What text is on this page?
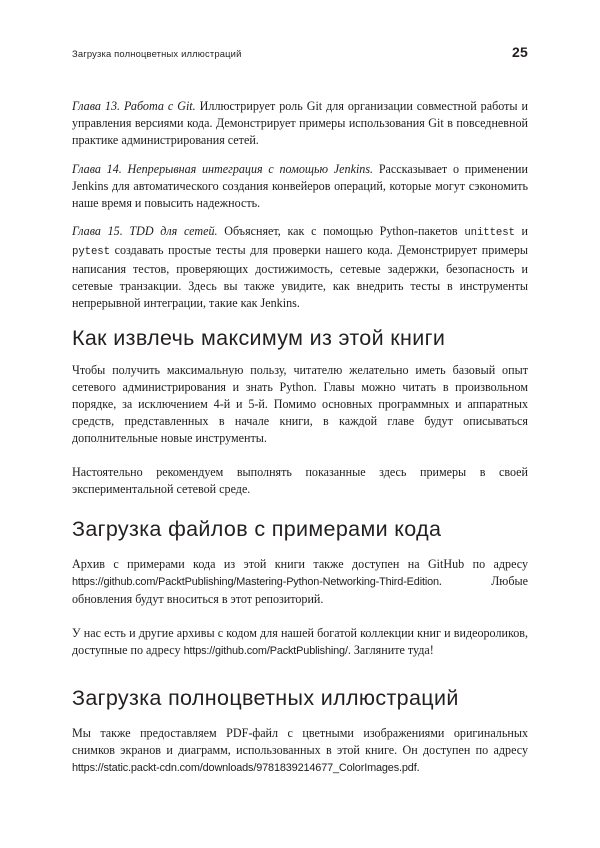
Загрузка полноцветных иллюстраций	25

Глава 13. Работа с Git. Иллюстрирует роль Git для организации совместной работы и управления версиями кода. Демонстрирует примеры использования Git в повседневной практике администрирования сетей.

Глава 14. Непрерывная интеграция с помощью Jenkins. Рассказывает о применении Jenkins для автоматического создания конвейеров операций, которые могут сэкономить наше время и повысить надежность.

Глава 15. TDD для сетей. Объясняет, как с помощью Python-пакетов unittest и pytest создавать простые тесты для проверки нашего кода. Демонстрирует примеры написания тестов, проверяющих достижимость, сетевые задержки, безопасность и сетевые транзакции. Здесь вы также увидите, как внедрить тесты в инструменты непрерывной интеграции, такие как Jenkins.

Как извлечь максимум из этой книги

Чтобы получить максимальную пользу, читателю желательно иметь базовый опыт сетевого администрирования и знать Python. Главы можно читать в произвольном порядке, за исключением 4-й и 5-й. Помимо основных программных и аппаратных средств, представленных в начале книги, в каждой главе будут описываться дополнительные новые инструменты.

Настоятельно рекомендуем выполнять показанные здесь примеры в своей экспериментальной сетевой среде.

Загрузка файлов с примерами кода

Архив с примерами кода из этой книги также доступен на GitHub по адресу https://github.com/PacktPublishing/Mastering-Python-Networking-Third-Edition. Любые обновления будут вноситься в этот репозиторий.

У нас есть и другие архивы с кодом для нашей богатой коллекции книг и видеороликов, доступные по адресу https://github.com/PacktPublishing/. Загляните туда!

Загрузка полноцветных иллюстраций

Мы также предоставляем PDF-файл с цветными изображениями оригинальных снимков экранов и диаграмм, использованных в этой книге. Он доступен по адресу https://static.packt-cdn.com/downloads/9781839214677_ColorImages.pdf.
